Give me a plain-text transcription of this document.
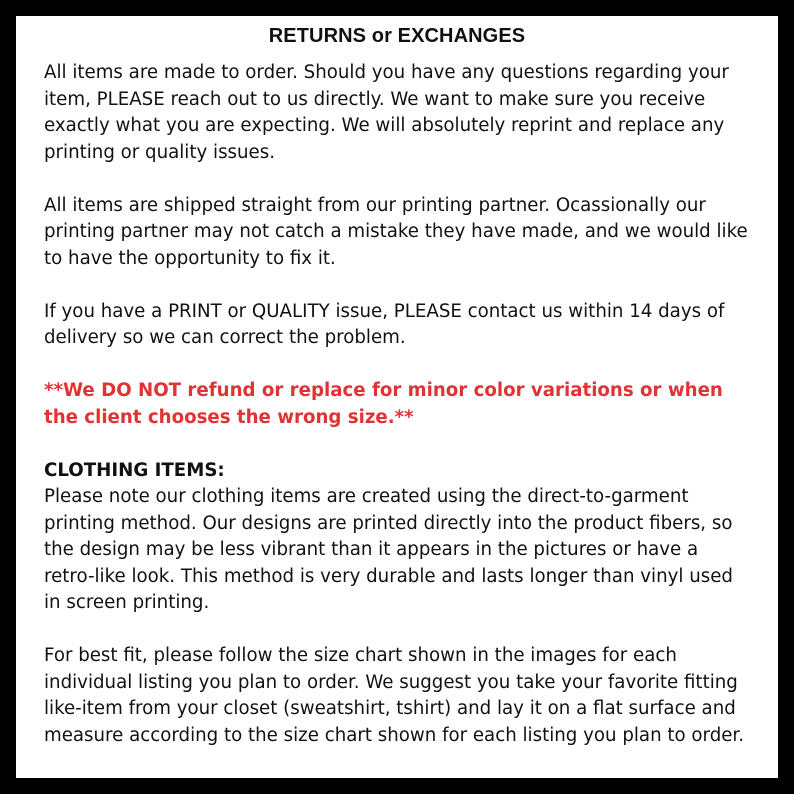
RETURNS or EXCHANGES

All items are made to order. Should you have any questions regarding your item, PLEASE reach out to us directly. We want to make sure you receive exactly what you are expecting. We will absolutely reprint and replace any printing or quality issues.

All items are shipped straight from our printing partner. Ocassionally our printing partner may not catch a mistake they have made, and we would like to have the opportunity to fix it.

If you have a PRINT or QUALITY issue, PLEASE contact us within 14 days of delivery so we can correct the problem.

**We DO NOT refund or replace for minor color variations or when the client chooses the wrong size.**

CLOTHING ITEMS:
Please note our clothing items are created using the direct-to-garment printing method. Our designs are printed directly into the product fibers, so the design may be less vibrant than it appears in the pictures or have a retro-like look. This method is very durable and lasts longer than vinyl used in screen printing.

For best fit, please follow the size chart shown in the images for each individual listing you plan to order. We suggest you take your favorite fitting like-item from your closet (sweatshirt, tshirt) and lay it on a flat surface and measure according to the size chart shown for each listing you plan to order.
